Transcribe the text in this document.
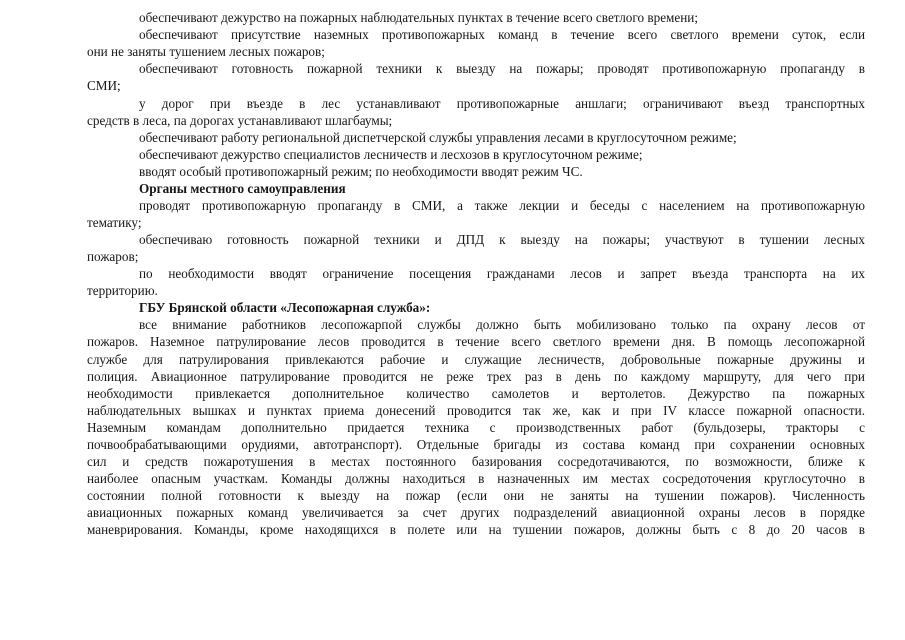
обеспечивают дежурство на пожарных наблюдательных пунктах в течение всего светлого времени;
обеспечивают присутствие наземных противопожарных команд в течение всего светлого времени суток, если
они не заняты тушением лесных пожаров;
обеспечивают готовность пожарной техники к выезду на пожары; проводят противопожарную пропаганду в
СМИ;
у дорог при въезде в лес устанавливают противопожарные аншлаги; ограничивают въезд транспортных
средств в леса, па дорогах устанавливают шлагбаумы;
обеспечивают работу региональной диспетчерской службы управления лесами в круглосуточном режиме;
обеспечивают дежурство специалистов лесничеств и лесхозов в круглосуточном режиме;
вводят особый противопожарный режим; по необходимости вводят режим ЧС.
Органы местного самоуправления
проводят противопожарную пропаганду в СМИ, а также лекции и беседы с населением на противопожарную
тематику;
обеспечиваю готовность пожарной техники и ДПД к выезду на пожары; участвуют в тушении лесных
пожаров;
по необходимости вводят ограничение посещения гражданами лесов и запрет въезда транспорта на их
территорию.
ГБУ Брянской области «Лесопожарная служба»:
все внимание работников лесопожарпой службы должно быть мобилизовано только па охрану лесов от
пожаров. Наземное патрулирование лесов проводится в течение всего светлого времени дня. В помощь лесопожарной
службе для патрулирования привлекаются рабочие и служащие лесничеств, добровольные пожарные дружины и
полиция. Авиационное патрулирование проводится не реже трех раз в день по каждому маршруту, для чего при
необходимости привлекается дополнительное количество самолетов и вертолетов. Дежурство па пожарных
наблюдательных вышках и пунктах приема донесений проводится так же, как и при IV классе пожарной опасности.
Наземным командам дополнительно придается техника с производственных работ (бульдозеры, тракторы с
почвообрабатывающими орудиями, автотранспорт). Отдельные бригады из состава команд при сохранении основных
сил и средств пожаротушения в местах постоянного базирования сосредотачиваются, по возможности, ближе к
наиболее опасным участкам. Команды должны находиться в назначенных им местах сосредоточения круглосуточно в
состоянии полной готовности к выезду на пожар (если они не заняты на тушении пожаров). Численность
авиационных пожарных команд увеличивается за счет других подразделений авиационной охраны лесов в порядке
маневрирования. Команды, кроме находящихся в полете или на тушении пожаров, должны быть с 8 до 20 часов в
